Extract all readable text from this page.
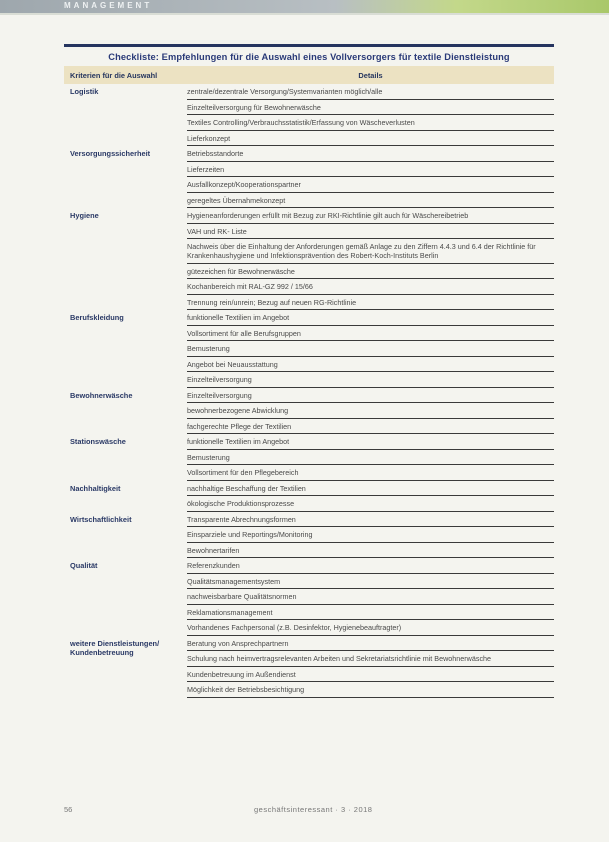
MANAGEMENT
Checkliste: Empfehlungen für die Auswahl eines Vollversorgers für textile Dienstleistung
Kriterien für die Auswahl	Details
Logistik	zentrale/dezentrale Versorgung/Systemvarianten möglich/alle
Einzelteilversorgung für Bewohnerwäsche
Textiles Controlling/Verbrauchsstatistik/Erfassung von Wäscheverlusten
Lieferkonzept
Versorgungssicherheit	Betriebsstandorte
Lieferzeiten
Ausfallkonzept/Kooperationspartner
geregeltes Übernahmekonzept
Hygiene	Hygieneanforderungen erfüllt mit Bezug zur RKI-Richtlinie gilt auch für Wäschereibetrieb
VAH und RK- Liste
Nachweis über die Einhaltung der Anforderungen gemäß Anlage zu den Ziffern 4.4.3 und 6.4 der Richtlinie für Krankenhaushygiene und Infektionsprävention des Robert-Koch-Instituts Berlin
gütezeichen für Bewohnerwäsche
Kochanbereich mit RAL-GZ 992 / 15/66
Trennung rein/unrein; Bezug auf neuen RG-Richtlinie
Berufskleidung	funktionelle Textilien im Angebot
Vollsortiment für alle Berufsgruppen
Bemusterung
Angebot bei Neuausstattung
Einzelteilversorgung
Bewohnerwäsche	Einzelteilversorgung
bewohnerbezogene Abwicklung
fachgerechte Pflege der Textilien
Stationswäsche	funktionelle Textilien im Angebot
Bemusterung
Vollsortiment für den Pflegebereich
Nachhaltigkeit	nachhaltige Beschaffung der Textilien
ökologische Produktionsprozesse
Wirtschaftlichkeit	Transparente Abrechnungsformen
Einsparziele und Reportings/Monitoring
Bewohnertarifen
Qualität	Referenzkunden
Qualitätsmanagementsystem
nachweisbarbare Qualitätsnormen
Reklamationsmanagement
Vorhandenes Fachpersonal (z.B. Desinfektor, Hygienebeauftragter)
weitere Dienstleistungen/ Kundenbetreuung
Beratung von Ansprechpartnern
Schulung nach heimvertragsrelevanten Arbeiten und Sekretariatsrichtlinie mit Bewohnerwäsche
Kundenbetreuung im Außendienst
Möglichkeit der Betriebsbesichtigung
56	geschäftsinteressant · 3 · 2018
